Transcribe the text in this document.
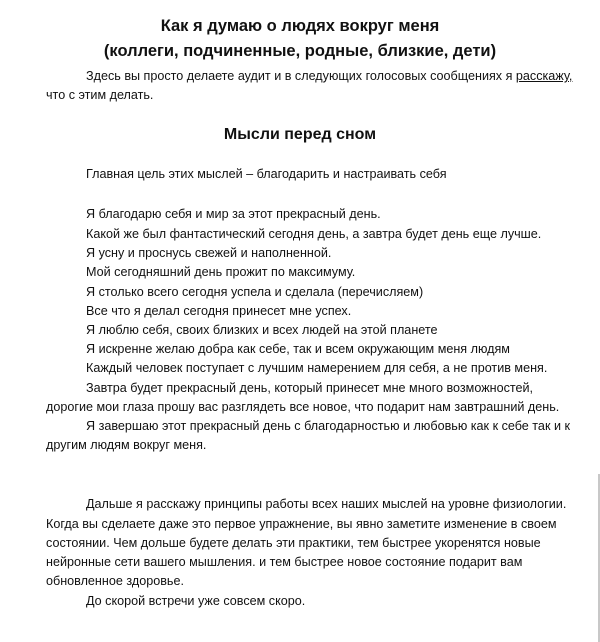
Как я думаю о людях вокруг меня
(коллеги, подчиненные, родные, близкие, дети)

Здесь вы просто делаете аудит и в следующих голосовых сообщениях я расскажу,

что с этим делать.

Мысли перед сном

Главная цель этих мыслей – благодарить и настраивать себя

Я благодарю себя и мир за этот прекрасный день.

Какой же был фантастический сегодня день, а завтра будет день еще лучше.

Я усну и проснусь свежей и наполненной.

Мой сегодняшний день прожит по максимуму.

Я столько всего сегодня успела и сделала (перечисляем)

Все что я делал сегодня принесет мне успех.

Я люблю себя, своих близких и всех людей на этой планете

Я искренне желаю добра как себе, так и всем окружающим меня людям

Каждый человек поступает с лучшим намерением для себя, а не против меня.

Завтра будет прекрасный день, который принесет мне много возможностей,

дорогие мои глаза прошу вас разглядеть все новое, что подарит нам завтрашний день.

Я завершаю этот прекрасный день с благодарностью и любовью как к себе так и к

другим людям вокруг меня.

Дальше я расскажу принципы работы всех наших мыслей на уровне физиологии.

Когда вы сделаете даже это первое упражнение, вы явно заметите изменение в своем

состоянии. Чем дольше будете делать эти практики, тем быстрее укоренятся новые

нейронные сети вашего мышления. и тем быстрее новое состояние подарит вам

обновленное здоровье.

До скорой встречи уже совсем скоро.
